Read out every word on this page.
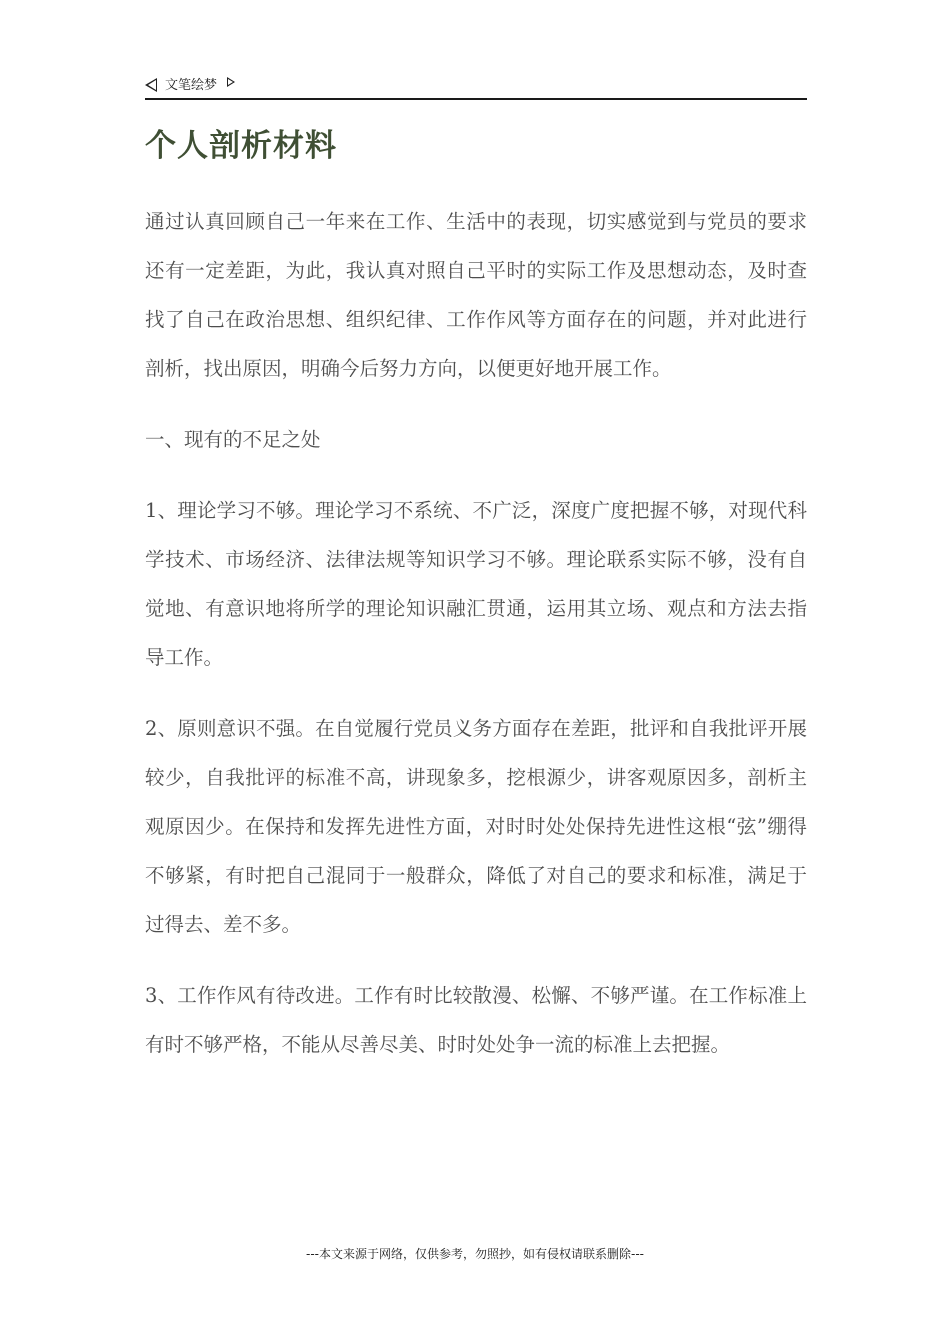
文笔绘梦
个人剖析材料

通过认真回顾自己一年来在工作、生活中的表现，切实感觉到与党员的要求还有一定差距，为此，我认真对照自己平时的实际工作及思想动态，及时查找了自己在政治思想、组织纪律、工作作风等方面存在的问题，并对此进行剖析，找出原因，明确今后努力方向，以便更好地开展工作。

一、现有的不足之处

1、理论学习不够。理论学习不系统、不广泛，深度广度把握不够，对现代科学技术、市场经济、法律法规等知识学习不够。理论联系实际不够，没有自觉地、有意识地将所学的理论知识融汇贯通，运用其立场、观点和方法去指导工作。

2、原则意识不强。在自觉履行党员义务方面存在差距，批评和自我批评开展较少，自我批评的标准不高，讲现象多，挖根源少，讲客观原因多，剖析主观原因少。在保持和发挥先进性方面，对时时处处保持先进性这根“弦”绷得不够紧，有时把自己混同于一般群众，降低了对自己的要求和标准，满足于过得去、差不多。

3、工作作风有待改进。工作有时比较散漫、松懈、不够严谨。在工作标准上有时不够严格，不能从尽善尽美、时时处处争一流的标准上去把握。

---本文来源于网络，仅供参考，勿照抄，如有侵权请联系删除---
